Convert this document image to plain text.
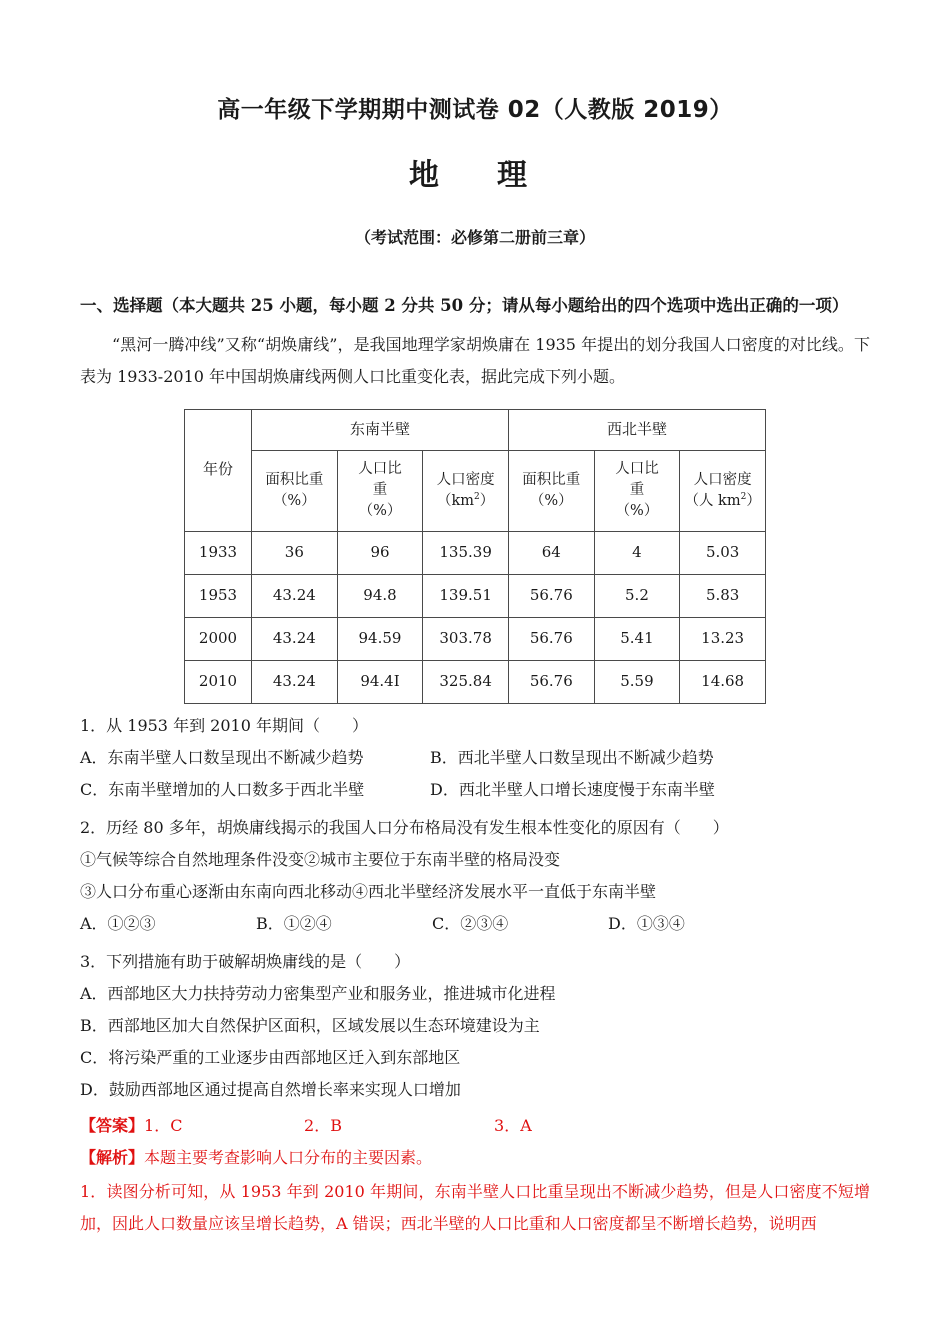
高一年级下学期期中测试卷 02（人教版 2019）
地　理
（考试范围：必修第二册前三章）
一、选择题（本大题共 25 小题，每小题 2 分共 50 分；请从每小题给出的四个选项中选出正确的一项）
“黑河一腾冲线”又称“胡焕庸线”，是我国地理学家胡焕庸在 1935 年提出的划分我国人口密度的对比线。下表为 1933-2010 年中国胡焕庸线两侧人口比重变化表，据此完成下列小题。
年份	东南半壁			西北半壁		
	面积比重
（%）	人口比
重
（%）	人口密度
$(km^2)$	面积比重
（%）	人口比
重
（%）	人口密度
（人 $km^2$）
1933	36	96	135.39	64	4	5.03
1953	43.24	94.8	139.51	56.76	5.2	5.83
2000	43.24	94.59	303.78	56.76	5.41	13.23
2010	43.24	94.4I	325.84	56.76	5.59	14.68
1．从 1953 年到 2010 年期间（　　）
A．东南半壁人口数呈现出不断减少趋势	B．西北半壁人口数呈现出不断减少趋势
C．东南半壁增加的人口数多于西北半壁	D．西北半壁人口增长速度慢于东南半壁
2．历经 80 多年，胡焕庸线揭示的我国人口分布格局没有发生根本性变化的原因有（　　）
①气候等综合自然地理条件没变②城市主要位于东南半壁的格局没变
③人口分布重心逐渐由东南向西北移动④西北半壁经济发展水平一直低于东南半壁
A．①②③	B．①②④	C．②③④	D．①③④
3．下列措施有助于破解胡焕庸线的是（　　）
A．西部地区大力扶持劳动力密集型产业和服务业，推进城市化进程
B．西部地区加大自然保护区面积，区域发展以生态环境建设为主
C．将污染严重的工业逐步由西部地区迁入到东部地区
D．鼓励西部地区通过提高自然增长率来实现人口增加
【答案】 1．C	2．B	3．A
【解析】本题主要考查影响人口分布的主要因素。
1．读图分析可知，从 1953 年到 2010 年期间，东南半壁人口比重呈现出不断减少趋势，但是人口密度不短增加，因此人口数量应该呈增长趋势，A 错误；西北半壁的人口比重和人口密度都呈不断增长趋势，说明西
